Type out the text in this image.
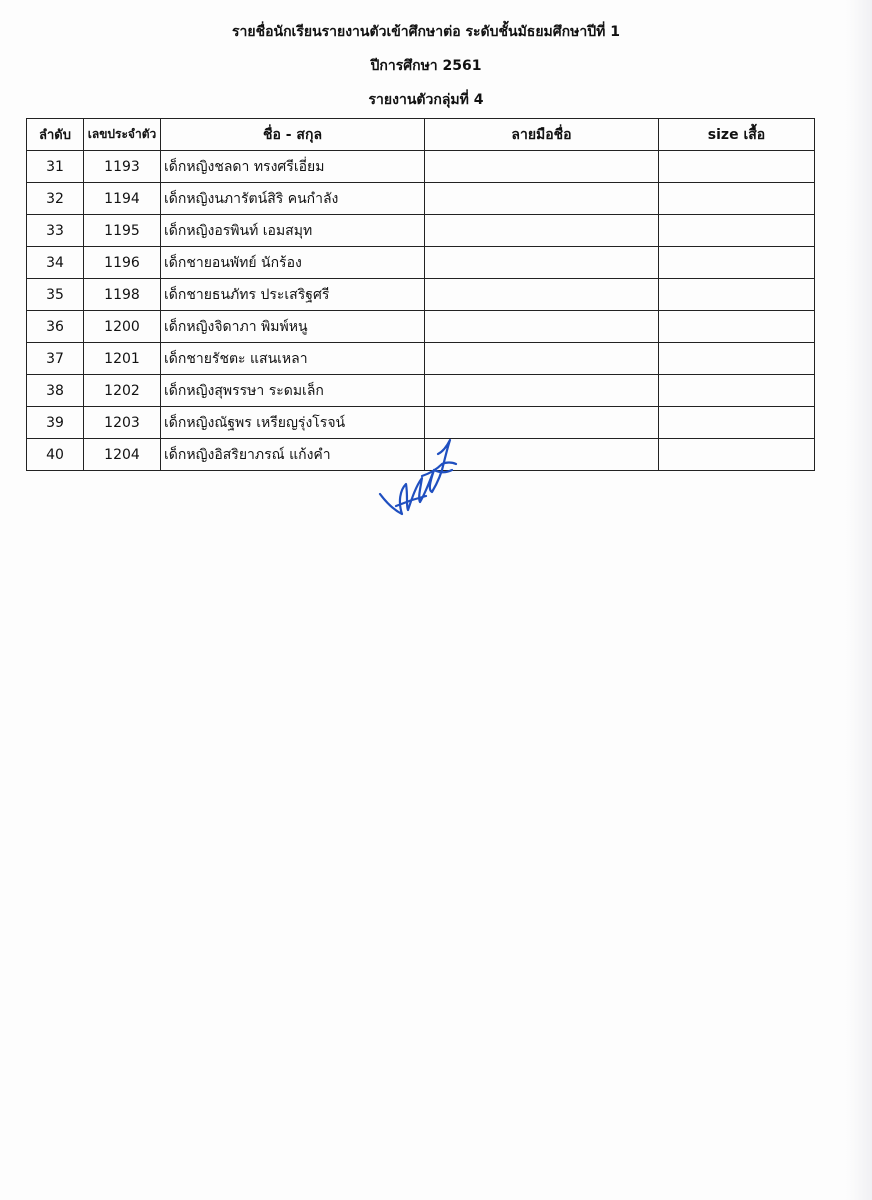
รายชื่อนักเรียนรายงานตัวเข้าศึกษาต่อ ระดับชั้นมัธยมศึกษาปีที่ 1
ปีการศึกษา 2561
รายงานตัวกลุ่มที่ 4
ลำดับ	เลขประจำตัว	ชื่อ - สกุล	ลายมือชื่อ	size เสื้อ
31	1193	เด็กหญิงชลดา ทรงศรีเอี่ยม		
32	1194	เด็กหญิงนภารัตน์สิริ คนกำลัง		
33	1195	เด็กหญิงอรพินท์ เอมสมุท		
34	1196	เด็กชายอนพัทย์ นักร้อง		
35	1198	เด็กชายธนภัทร ประเสริฐศรี		
36	1200	เด็กหญิงจิดาภา พิมพ์หนู		
37	1201	เด็กชายรัชตะ แสนเหลา		
38	1202	เด็กหญิงสุพรรษา ระดมเล็ก		
39	1203	เด็กหญิงณัฐพร เหรียญรุ่งโรจน์		
40	1204	เด็กหญิงอิสริยาภรณ์ แก้งคำ		
